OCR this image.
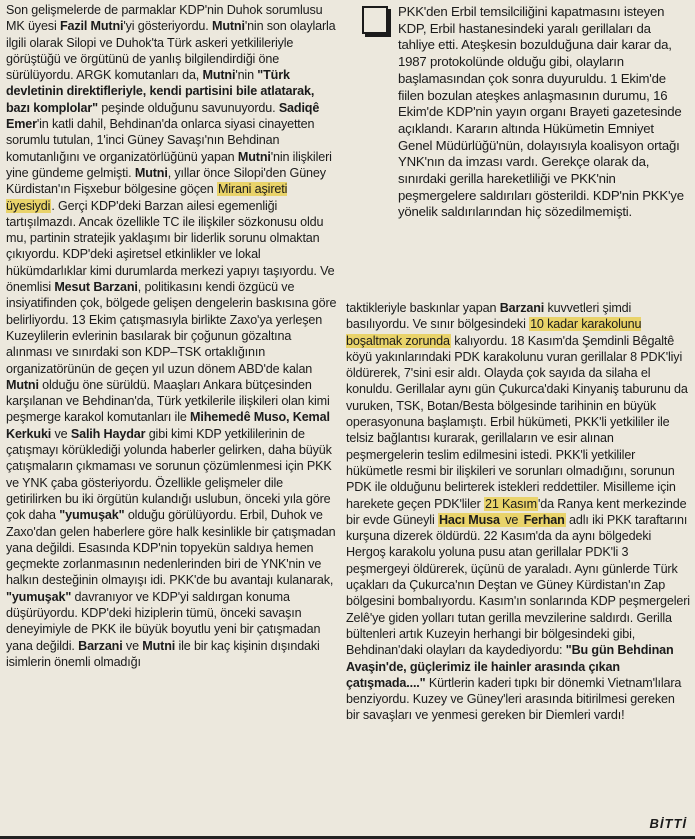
Son gelişmelerde de parmaklar KDP'nin Duhok sorumlusu MK üyesi Fazil Mutni'yi gösteriyordu. Mutni'nin son olaylarla ilgili olarak Silopi ve Duhok'ta Türk askeri yetkilileriyle görüştüğü ve örgütünü de yanlış bilgilendirdiği öne sürülüyordu. ARGK komutanları da, Mutni'nin "Türk devletinin direktifleriyle, kendi partisini bile atlatarak, bazı komplolar" peşinde olduğunu savunuyordu. Sadiqê Emer'in katli dahil, Behdinan'da onlarca siyasi cinayetten sorumlu tutulan, 1'inci Güney Savaşı'nın Behdinan komutanlığını ve organizatörlüğünü yapan Mutni'nin ilişkileri yine gündeme gelmişti. Mutni, yıllar önce Silopi'den Güney Kürdistan'ın Fişxebur bölgesine göçen Mirani aşireti üyesiydi. Gerçi KDP'deki Barzan ailesi egemenliği tartışılmazdı. Ancak özellikle TC ile ilişkiler sözkonusu oldu mu, partinin stratejik yaklaşımı bir liderlik sorunu olmaktan çıkıyordu. KDP'deki aşiretsel etkinlikler ve lokal hükümdarlıklar kimi durumlarda merkezi yapıyı taşıyordu. Ve önemlisi Mesut Barzani, politikasını kendi özgücü ve insiyatifinden çok, bölgede gelişen dengelerin baskısına göre belirliyordu. 13 Ekim çatışmasıyla birlikte Zaxo'ya yerleşen Kuzeylilerin evlerinin basılarak bir çoğunun gözaltına alınması ve sınırdaki son KDP–TSK ortaklığının organizatörünün de geçen yıl uzun dönem ABD'de kalan Mutni olduğu öne sürüldü. Maaşları Ankara bütçesinden karşılanan ve Behdinan'da, Türk yetkilerile ilişkileri olan kimi peşmerge karakol komutanları ile Mihemedê Muso, Kemal Kerkuki ve Salih Haydar gibi kimi KDP yetkililerinin de çatışmayı körüklediği yolunda haberler gelirken, daha büyük çatışmaların çıkmaması ve sorunun çözümlenmesi için PKK ve YNK çaba gösteriyordu. Özellikle gelişmeler dile getirilirken bu iki örgütün kulandığı uslubun, önceki yıla göre çok daha "yumuşak" olduğu görülüyordu. Erbil, Duhok ve Zaxo'dan gelen haberlere göre halk kesinlikle bir çatışmadan yana değildi. Esasında KDP'nin topyekün saldıya hemen geçmekte zorlanmasının nedenlerinden biri de YNK'nin ve halkın desteğinin olmayışı idi. PKK'de bu avantajı kulanarak, "yumuşak" davranıyor ve KDP'yi saldırgan konuma düşürüyordu. KDP'deki hiziplerin tümü, önceki savaşın deneyimiyle de PKK ile büyük boyutlu yeni bir çatışmadan yana değildi. Barzani ve Mutni ile bir kaç kişinin dışındaki isimlerin önemli olmadığı

PKK'den Erbil temsilciliğini kapatmasını isteyen KDP, Erbil hastanesindeki yaralı gerillaları da tahliye etti. Ateşkesin bozulduğuna dair karar da, 1987 protokolünde olduğu gibi, olayların başlamasından çok sonra duyuruldu. 1 Ekim'de fiilen bozulan ateşkes anlaşmasının durumu, 16 Ekim'de KDP'nin yayın organı Brayeti gazetesinde açıklandı. Kararın altında Hükümetin Emniyet Genel Müdürlüğü'nün, dolayısıyla koalisyon ortağı YNK'nın da imzası vardı. Gerekçe olarak da, sınırdaki gerilla hareketliliği ve PKK'nin peşmergelere saldırıları gösterildi. KDP'nin PKK'ye yönelik saldırılarından hiç sözedilmemişti.

taktikleriyle baskınlar yapan Barzani kuvvetleri şimdi basılıyordu. Ve sınır bölgesindeki 10 kadar karakolunu boşaltmak zorunda kalıyordu. 18 Kasım'da Şemdinli Bêgaltê köyü yakınlarındaki PDK karakolunu vuran gerillalar 8 PDK'liyi öldürerek, 7'sini esir aldı. Olayda çok sayıda da silaha el konuldu. Gerillalar aynı gün Çukurca'daki Kinyaniş taburunu da vuruken, TSK, Botan/Besta bölgesinde tarihinin en büyük operasyonuna başlamıştı. Erbil hükümeti, PKK'li yetkililer ile telsiz bağlantısı kurarak, gerillaların ve esir alınan peşmergelerin teslim edilmesini istedi. PKK'li yetkililer hükümetle resmi bir ilişkileri ve sorunları olmadığını, sorunun PDK ile olduğunu belirterek istekleri reddettiler. Misilleme için harekete geçen PDK'liler 21 Kasım'da Ranya kent merkezinde bir evde Güneyli Hacı Musa ve Ferhan adlı iki PKK taraftarını kurşuna dizerek öldürdü. 22 Kasım'da da aynı bölgedeki Hergoş karakolu yoluna pusu atan gerillalar PDK'li 3 peşmergeyi öldürerek, üçünü de yaraladı. Aynı günlerde Türk uçakları da Çukurca'nın Deştan ve Güney Kürdistan'ın Zap bölgesini bombalıyordu. Kasım'ın sonlarında KDP peşmergeleri Zelê'ye giden yolları tutan gerilla mevzilerine saldırdı. Gerilla bültenleri artık Kuzeyin herhangi bir bölgesindeki gibi, Behdinan'daki olayları da kaydediyordu: "Bu gün Behdinan Avaşin'de, güçlerimiz ile hainler arasında çıkan çatışmada...." Kürtlerin kaderi tıpkı bir dönemki Vietnam'lılara benziyordu. Kuzey ve Güney'leri arasında bitirilmesi gereken bir savaşları ve yenmesi gereken bir Diemleri vardı!

BİTTİ
